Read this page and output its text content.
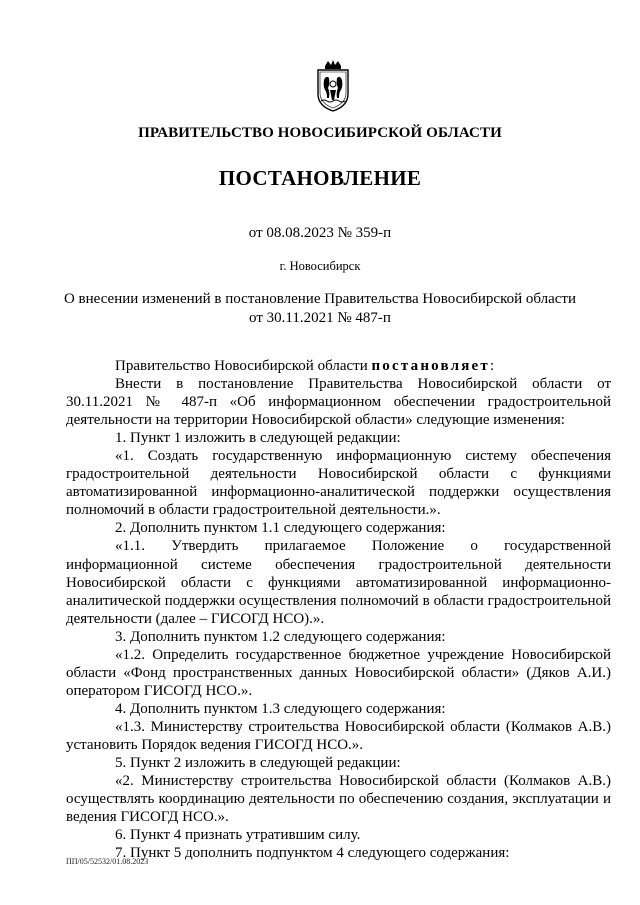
ПРАВИТЕЛЬСТВО НОВОСИБИРСКОЙ ОБЛАСТИ
ПОСТАНОВЛЕНИЕ
от 08.08.2023 № 359-п
г. Новосибирск
О внесении изменений в постановление Правительства Новосибирской области
от 30.11.2021 № 487-п

Правительство Новосибирской области постановляет:

Внести в постановление Правительства Новосибирской области от 30.11.2021 № 487-п «Об информационном обеспечении градостроительной деятельности на территории Новосибирской области» следующие изменения:

1. Пункт 1 изложить в следующей редакции:

«1. Создать государственную информационную систему обеспечения градостроительной деятельности Новосибирской области с функциями автоматизированной информационно-аналитической поддержки осуществления полномочий в области градостроительной деятельности.».

2. Дополнить пунктом 1.1 следующего содержания:

«1.1. Утвердить прилагаемое Положение о государственной информационной системе обеспечения градостроительной деятельности Новосибирской области с функциями автоматизированной информационно-аналитической поддержки осуществления полномочий в области градостроительной деятельности (далее – ГИСОГД НСО).».

3. Дополнить пунктом 1.2 следующего содержания:

«1.2. Определить государственное бюджетное учреждение Новосибирской области «Фонд пространственных данных Новосибирской области» (Дяков А.И.) оператором ГИСОГД НСО.».

4. Дополнить пунктом 1.3 следующего содержания:

«1.3. Министерству строительства Новосибирской области (Колмаков А.В.) установить Порядок ведения ГИСОГД НСО.».

5. Пункт 2 изложить в следующей редакции:

«2. Министерству строительства Новосибирской области (Колмаков А.В.) осуществлять координацию деятельности по обеспечению создания, эксплуатации и ведения ГИСОГД НСО.».

6. Пункт 4 признать утратившим силу.

7. Пункт 5 дополнить подпунктом 4 следующего содержания:

ПП/05/52532/01.08.2023
